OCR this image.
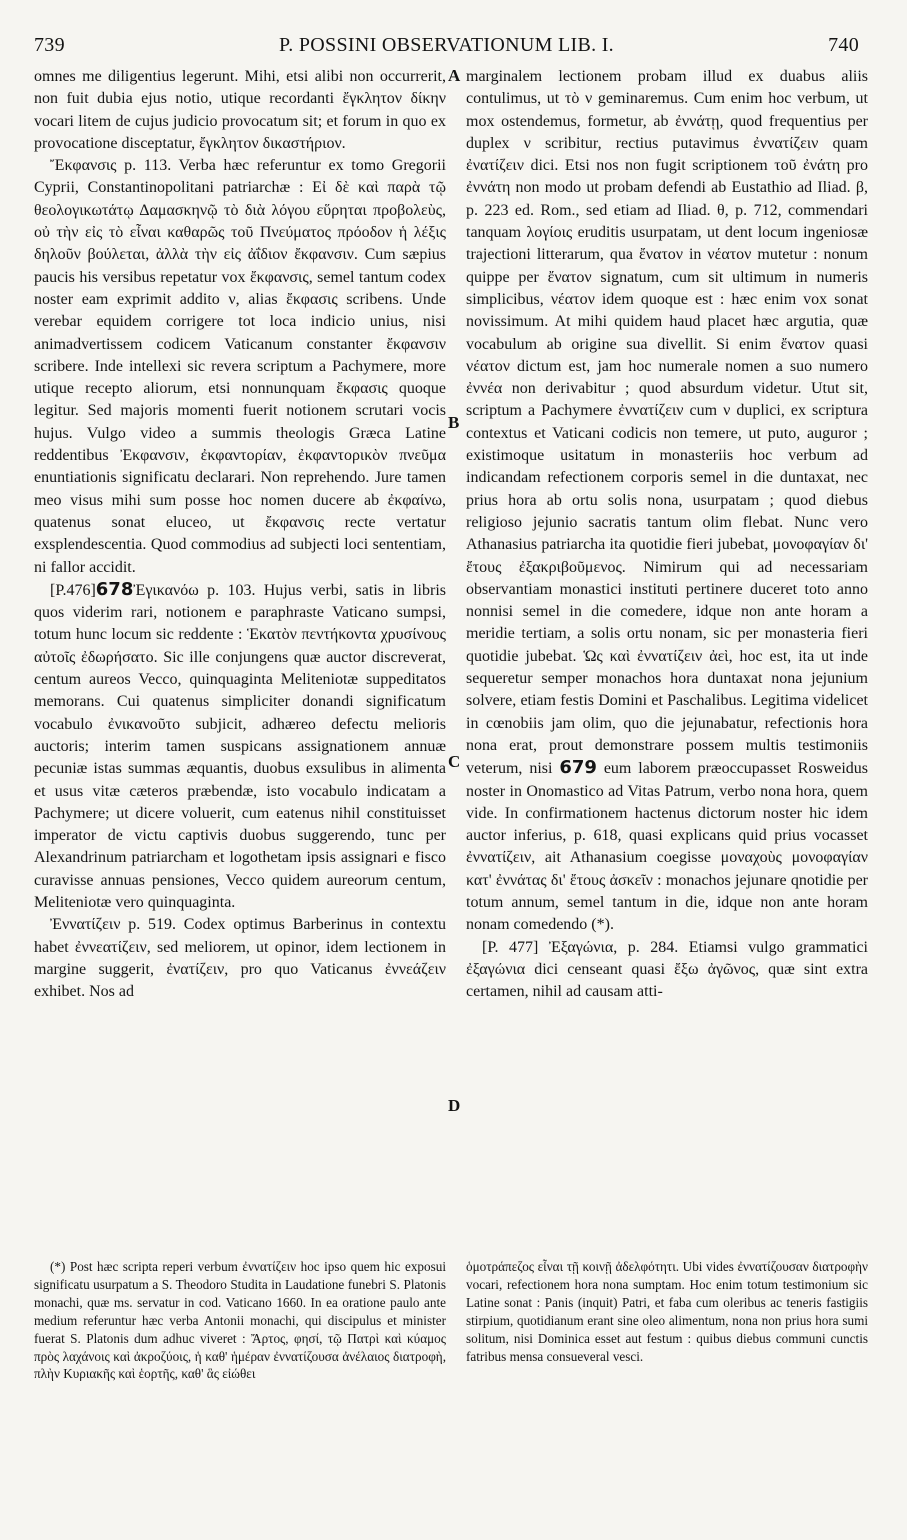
739	P. POSSINI OBSERVATIONUM LIB. I.	740

omnes me diligentius legerunt. Mihi, etsi alibi non occurrerit, non fuit dubia ejus notio, utique recordanti ἔγκλητον δίκην vocari litem de cujus judicio provocatum sit; et forum in quo ex provocatione disceptatur, ἔγκλητον δικαστήριον.

Ἔκφανσις p. 113. Verba hæc referuntur ex tomo Gregorii Cyprii, Constantinopolitani patriarchæ : Εἰ δὲ καὶ παρὰ τῷ θεολογικωτάτῳ Δαμασκηνῷ τὸ διὰ λόγου εὕρηται προβολεὺς, οὐ τὴν εἰς τὸ εἶναι καθαρῶς τοῦ Πνεύματος πρόοδον ἡ λέξις δηλοῦν βούλεται, ἀλλὰ τὴν εἰς ἀΐδιον ἔκφανσιν. Cum sæpius paucis his versibus repetatur vox ἔκφανσις, semel tantum codex noster eam exprimit addito ν, alias ἔκφασις scribens. Unde verebar equidem corrigere tot loca indicio unius, nisi animadvertissem codicem Vaticanum constanter ἔκφανσιν scribere. Inde intellexi sic revera scriptum a Pachymere, more utique recepto aliorum, etsi nonnunquam ἔκφασις quoque legitur. Sed majoris momenti fuerit notionem scrutari vocis hujus. Vulgo video a summis theologis Græca Latine reddentibus Ἐκφανσιν, ἐκφαντορίαν, ἐκφαντορικὸν πνεῦμα enuntiationis significatu declarari. Non reprehendo. Jure tamen meo visus mihi sum posse hoc nomen ducere ab ἐκφαίνω, quatenus sonat eluceo, ut ἔκφανσις recte vertatur exsplendescentia. Quod commodius ad subjecti loci sententiam, ni fallor accidit.

[P.476]678Ἐγικανόω p. 103. Hujus verbi, satis in libris quos viderim rari, notionem e paraphraste Vaticano sumpsi, totum hunc locum sic reddente : Ἑκατὸν πεντήκοντα χρυσίνους αὐτοῖς ἐδωρήσατο. Sic ille conjungens quæ auctor discreverat, centum aureos Vecco, quinquaginta Meliteniotæ suppeditatos memorans. Cui quatenus simpliciter donandi significatum vocabulo ἐνικανοῦτο subjicit, adhæreo defectu melioris auctoris; interim tamen suspicans assignationem annuæ pecuniæ istas summas æquantis, duobus exsulibus in alimenta et usus vitæ cæteros præbendæ, isto vocabulo indicatam a Pachymere; ut dicere voluerit, cum eatenus nihil constituisset imperator de victu captivis duobus suggerendo, tunc per Alexandrinum patriarcham et logothetam ipsis assignari e fisco curavisse annuas pensiones, Vecco quidem aureorum centum, Meliteniotæ vero quinquaginta.

Ἐννατίζειν p. 519. Codex optimus Barberinus in contextu habet ἐννεατίζειν, sed meliorem, ut opinor, idem lectionem in margine suggerit, ἐνατίζειν, pro quo Vaticanus ἐννεάζειν exhibet. Nos ad

marginalem lectionem probam illud ex duabus aliis contulimus, ut τὸ ν geminaremus. Cum enim hoc verbum, ut mox ostendemus, formetur, ab ἐννάτῃ, quod frequentius per duplex ν scribitur, rectius putavimus ἐννατίζειν quam ἐνατίζειν dici. Etsi nos non fugit scriptionem τοῦ ἐνάτη pro ἐννάτη non modo ut probam defendi ab Eustathio ad Iliad. β, p. 223 ed. Rom., sed etiam ad Iliad. θ, p. 712, commendari tanquam λογίοις eruditis usurpatam, ut dent locum ingeniosæ trajectioni litterarum, qua ἔνατον in νέατον mutetur : nonum quippe per ἔνατον signatum, cum sit ultimum in numeris simplicibus, νέατον idem quoque est : hæc enim vox sonat novissimum. At mihi quidem haud placet hæc argutia, quæ vocabulum ab origine sua divellit. Si enim ἔνατον quasi νέατον dictum est, jam hoc numerale nomen a suo numero ἐννέα non derivabitur ; quod absurdum videtur. Utut sit, scriptum a Pachymere ἐννατίζειν cum ν duplici, ex scriptura contextus et Vaticani codicis non temere, ut puto, auguror ; existimoque usitatum in monasteriis hoc verbum ad indicandam refectionem corporis semel in die duntaxat, nec prius hora ab ortu solis nona, usurpatam ; quod diebus religioso jejunio sacratis tantum olim flebat. Nunc vero Athanasius patriarcha ita quotidie fieri jubebat, μονοφαγίαν δι' ἔτους ἐξακριβοῦμενος. Nimirum qui ad necessariam observantiam monastici instituti pertinere duceret toto anno nonnisi semel in die comedere, idque non ante horam a meridie tertiam, a solis ortu nonam, sic per monasteria fieri quotidie jubebat. Ὡς καὶ ἐννατίζειν ἀεὶ, hoc est, ita ut inde sequeretur semper monachos hora duntaxat nona jejunium solvere, etiam festis Domini et Paschalibus. Legitima videlicet in cœnobiis jam olim, quo die jejunabatur, refectionis hora nona erat, prout demonstrare possem multis testimoniis veterum, nisi 679 eum laborem præoccupasset Rosweidus noster in Onomastico ad Vitas Patrum, verbo nona hora, quem vide. In confirmationem hactenus dictorum noster hic idem auctor inferius, p. 618, quasi explicans quid prius vocasset ἐννατίζειν, ait Athanasium coegisse μοναχοὺς μονοφαγίαν κατ' ἐννάτας δι' ἔτους ἀσκεῖν : monachos jejunare qnotidie per totum annum, semel tantum in die, idque non ante horam nonam comedendo (*).

[P. 477] Ἐξαγώνια, p. 284. Etiamsi vulgo grammatici ἐξαγώνια dici censeant quasi ἔξω ἀγῶνος, quæ sint extra certamen, nihil ad causam atti-

A
B
C
D

(*) Post hæc scripta reperi verbum ἐννατίζειν hoc ipso quem hic exposui significatu usurpatum a S. Theodoro Studita in Laudatione funebri S. Platonis monachi, quæ ms. servatur in cod. Vaticano 1660. In ea oratione paulo ante medium referuntur hæc verba Antonii monachi, qui discipulus et minister fuerat S. Platonis dum adhuc viveret : Ἄρτος, φησί, τῷ Πατρὶ καὶ κύαμος πρὸς λαχάνοις καὶ ἀκροζύοις, ἡ καθ' ἡμέραν ἐννατίζουσα ἀνέλαιος διατροφὴ, πλὴν Κυριακῆς καὶ ἑορτῆς, καθ' ἃς εἰώθει

ὁμοτράπεζος εἶναι τῇ κοινῇ ἀδελφότητι. Ubi vides ἐννατίζουσαν διατροφὴν vocari, refectionem hora nona sumptam. Hoc enim totum testimonium sic Latine sonat : Panis (inquit) Patri, et faba cum oleribus ac teneris fastigiis stirpium, quotidianum erant sine oleo alimentum, nona non prius hora sumi solitum, nisi Dominica esset aut festum : quibus diebus communi cunctis fatribus mensa consueveral vesci.
